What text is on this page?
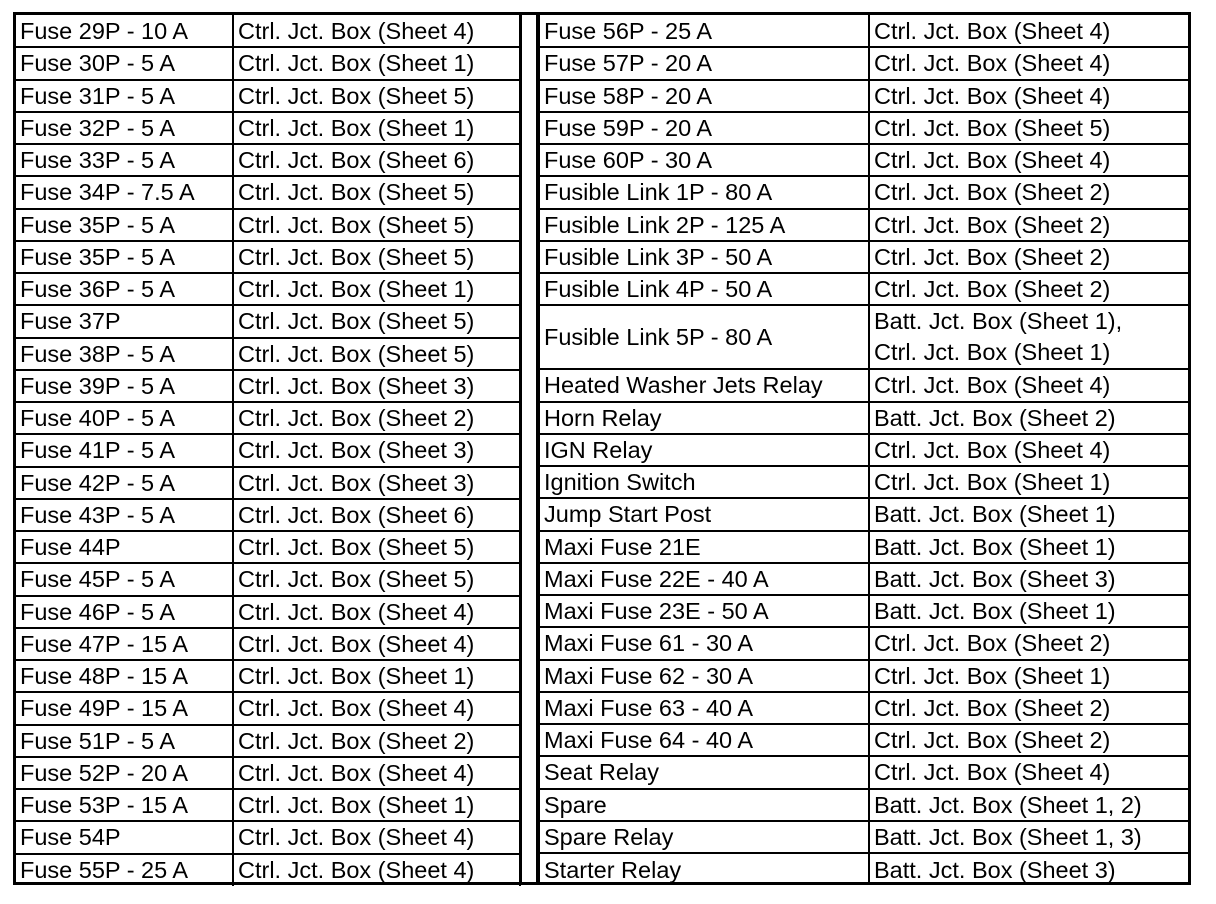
Fuse 29P - 10 A	Ctrl. Jct. Box (Sheet 4)
Fuse 30P - 5 A	Ctrl. Jct. Box (Sheet 1)
Fuse 31P - 5 A	Ctrl. Jct. Box (Sheet 5)
Fuse 32P - 5 A	Ctrl. Jct. Box (Sheet 1)
Fuse 33P - 5 A	Ctrl. Jct. Box (Sheet 6)
Fuse 34P - 7.5 A	Ctrl. Jct. Box (Sheet 5)
Fuse 35P - 5 A	Ctrl. Jct. Box (Sheet 5)
Fuse 35P - 5 A	Ctrl. Jct. Box (Sheet 5)
Fuse 36P - 5 A	Ctrl. Jct. Box (Sheet 1)
Fuse 37P	Ctrl. Jct. Box (Sheet 5)
Fuse 38P - 5 A	Ctrl. Jct. Box (Sheet 5)
Fuse 39P - 5 A	Ctrl. Jct. Box (Sheet 3)
Fuse 40P - 5 A	Ctrl. Jct. Box (Sheet 2)
Fuse 41P - 5 A	Ctrl. Jct. Box (Sheet 3)
Fuse 42P - 5 A	Ctrl. Jct. Box (Sheet 3)
Fuse 43P - 5 A	Ctrl. Jct. Box (Sheet 6)
Fuse 44P	Ctrl. Jct. Box (Sheet 5)
Fuse 45P - 5 A	Ctrl. Jct. Box (Sheet 5)
Fuse 46P - 5 A	Ctrl. Jct. Box (Sheet 4)
Fuse 47P - 15 A	Ctrl. Jct. Box (Sheet 4)
Fuse 48P - 15 A	Ctrl. Jct. Box (Sheet 1)
Fuse 49P - 15 A	Ctrl. Jct. Box (Sheet 4)
Fuse 51P - 5 A	Ctrl. Jct. Box (Sheet 2)
Fuse 52P - 20 A	Ctrl. Jct. Box (Sheet 4)
Fuse 53P - 15 A	Ctrl. Jct. Box (Sheet 1)
Fuse 54P	Ctrl. Jct. Box (Sheet 4)
Fuse 55P - 25 A	Ctrl. Jct. Box (Sheet 4)
Fuse 56P - 25 A	Ctrl. Jct. Box (Sheet 4)
Fuse 57P - 20 A	Ctrl. Jct. Box (Sheet 4)
Fuse 58P - 20 A	Ctrl. Jct. Box (Sheet 4)
Fuse 59P - 20 A	Ctrl. Jct. Box (Sheet 5)
Fuse 60P - 30 A	Ctrl. Jct. Box (Sheet 4)
Fusible Link 1P - 80 A	Ctrl. Jct. Box (Sheet 2)
Fusible Link 2P - 125 A	Ctrl. Jct. Box (Sheet 2)
Fusible Link 3P - 50 A	Ctrl. Jct. Box (Sheet 2)
Fusible Link 4P - 50 A	Ctrl. Jct. Box (Sheet 2)
Fusible Link 5P - 80 A	Batt. Jct. Box (Sheet 1),
Ctrl. Jct. Box (Sheet 1)

Heated Washer Jets Relay	Ctrl. Jct. Box (Sheet 4)
Horn Relay	Batt. Jct. Box (Sheet 2)
IGN Relay	Ctrl. Jct. Box (Sheet 4)
Ignition Switch	Ctrl. Jct. Box (Sheet 1)
Jump Start Post	Batt. Jct. Box (Sheet 1)
Maxi Fuse 21E	Batt. Jct. Box (Sheet 1)
Maxi Fuse 22E - 40 A	Batt. Jct. Box (Sheet 3)
Maxi Fuse 23E - 50 A	Batt. Jct. Box (Sheet 1)
Maxi Fuse 61 - 30 A	Ctrl. Jct. Box (Sheet 2)
Maxi Fuse 62 - 30 A	Ctrl. Jct. Box (Sheet 1)
Maxi Fuse 63 - 40 A	Ctrl. Jct. Box (Sheet 2)
Maxi Fuse 64 - 40 A	Ctrl. Jct. Box (Sheet 2)
Seat Relay	Ctrl. Jct. Box (Sheet 4)
Spare	Batt. Jct. Box (Sheet 1, 2)
Spare Relay	Batt. Jct. Box (Sheet 1, 3)
Starter Relay	Batt. Jct. Box (Sheet 3)
